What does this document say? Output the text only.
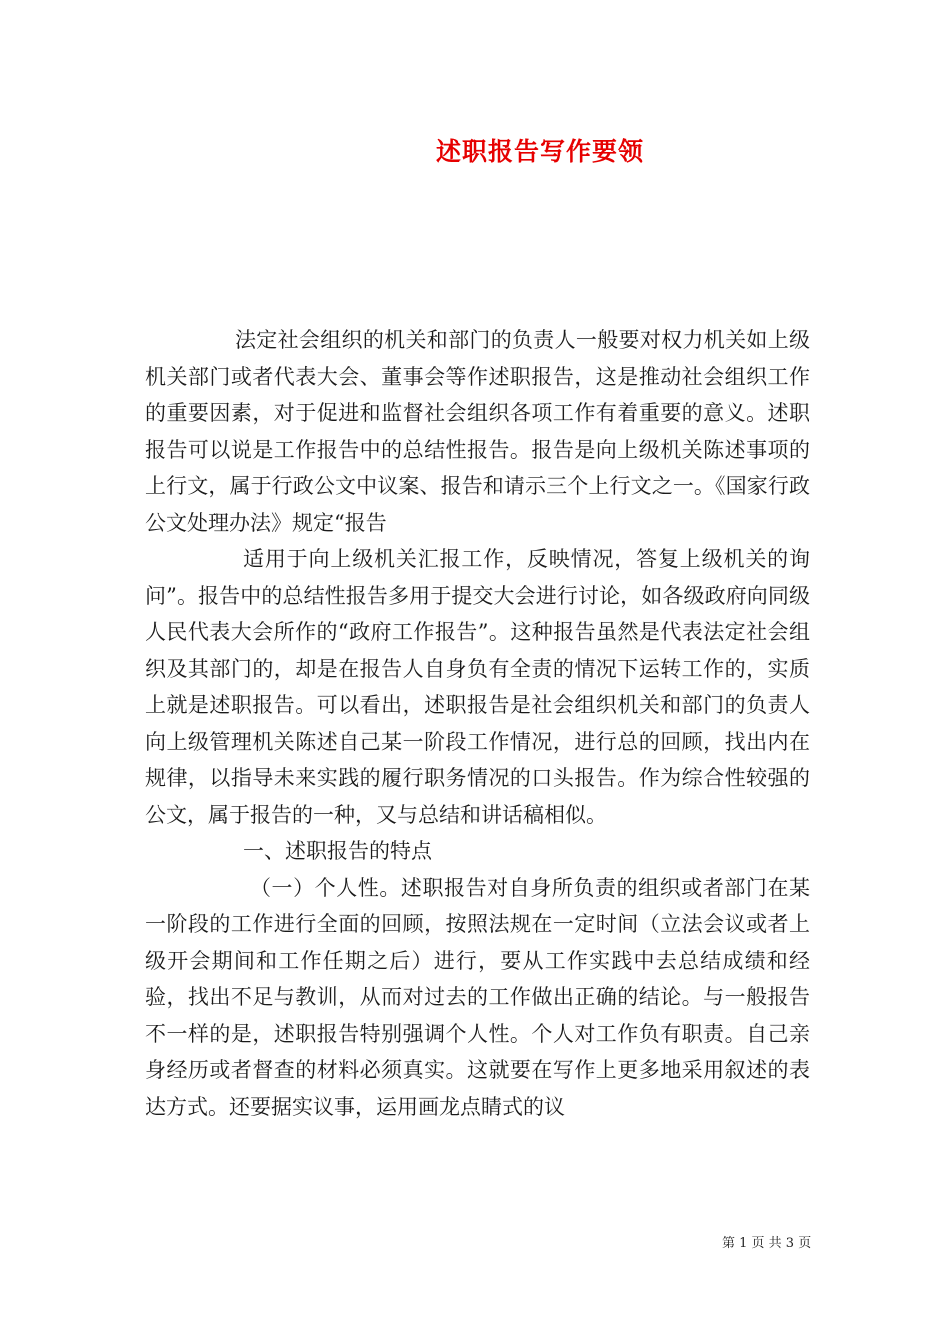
述职报告写作要领

法定社会组织的机关和部门的负责人一般要对权力机关如上级机关部门或者代表大会、董事会等作述职报告，这是推动社会组织工作的重要因素，对于促进和监督社会组织各项工作有着重要的意义。述职报告可以说是工作报告中的总结性报告。报告是向上级机关陈述事项的上行文，属于行政公文中议案、报告和请示三个上行文之一。《国家行政公文处理办法》规定“报告

适用于向上级机关汇报工作，反映情况，答复上级机关的询问”。报告中的总结性报告多用于提交大会进行讨论，如各级政府向同级人民代表大会所作的“政府工作报告”。这种报告虽然是代表法定社会组织及其部门的，却是在报告人自身负有全责的情况下运转工作的，实质上就是述职报告。可以看出，述职报告是社会组织机关和部门的负责人向上级管理机关陈述自己某一阶段工作情况，进行总的回顾，找出内在规律，以指导未来实践的履行职务情况的口头报告。作为综合性较强的公文，属于报告的一种，又与总结和讲话稿相似。

一、述职报告的特点

（一）个人性。述职报告对自身所负责的组织或者部门在某一阶段的工作进行全面的回顾，按照法规在一定时间（立法会议或者上级开会期间和工作任期之后）进行，要从工作实践中去总结成绩和经验，找出不足与教训，从而对过去的工作做出正确的结论。与一般报告不一样的是，述职报告特别强调个人性。个人对工作负有职责。自己亲身经历或者督查的材料必须真实。这就要在写作上更多地采用叙述的表达方式。还要据实议事，运用画龙点睛式的议

第 1 页 共 3 页
